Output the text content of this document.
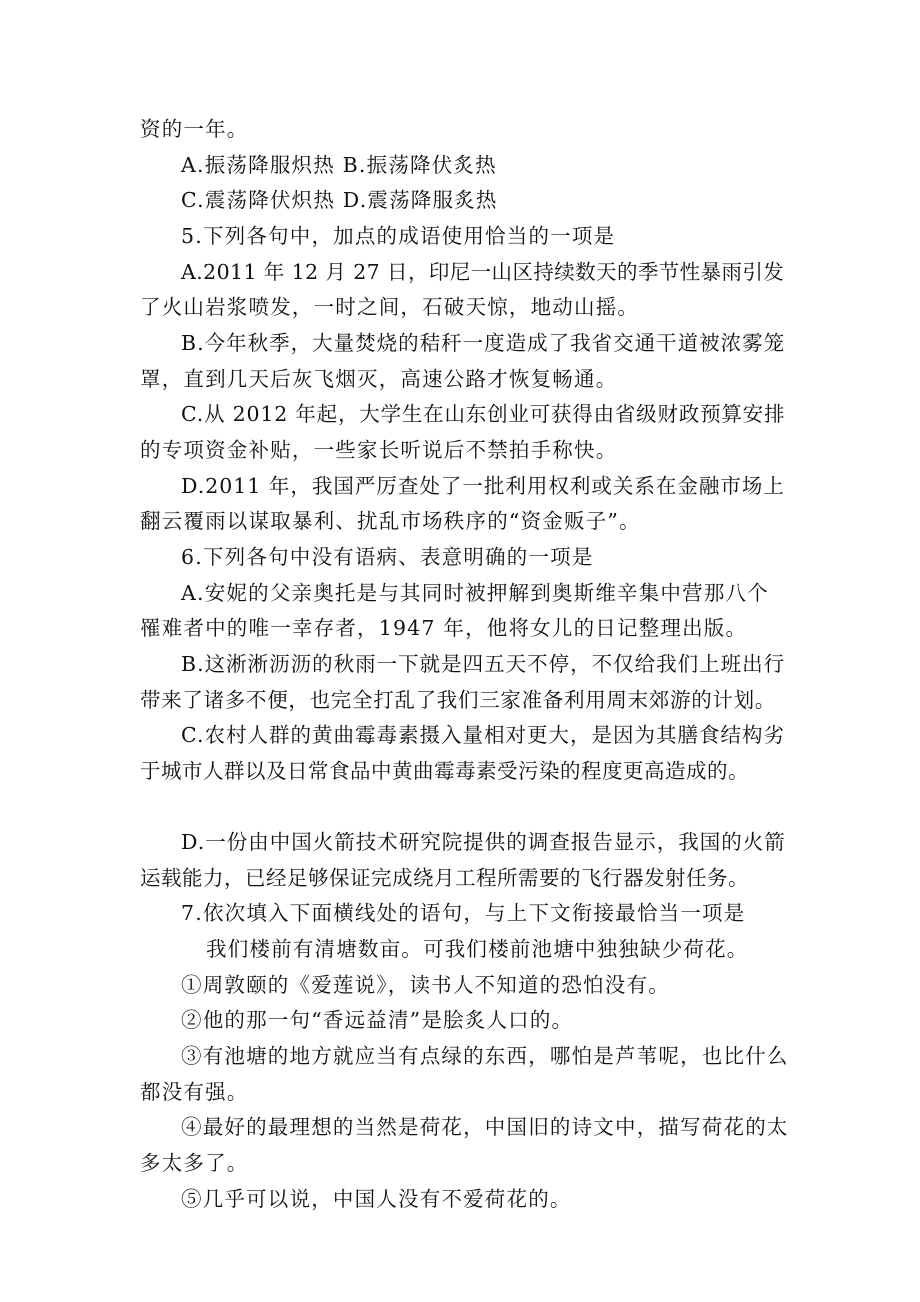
资的一年。
A.振荡降服炽热 B.振荡降伏炙热
C.震荡降伏炽热 D.震荡降服炙热
5.下列各句中，加点的成语使用恰当的一项是
A.2011 年 12 月 27 日，印尼一山区持续数天的季节性暴雨引发
了火山岩浆喷发，一时之间，石破天惊，地动山摇。
B.今年秋季，大量焚烧的秸秆一度造成了我省交通干道被浓雾笼
罩，直到几天后灰飞烟灭，高速公路才恢复畅通。
C.从 2012 年起，大学生在山东创业可获得由省级财政预算安排
的专项资金补贴，一些家长听说后不禁拍手称快。
D.2011 年，我国严厉查处了一批利用权利或关系在金融市场上
翻云覆雨以谋取暴利、扰乱市场秩序的“资金贩子”。
6.下列各句中没有语病、表意明确的一项是
A.安妮的父亲奥托是与其同时被押解到奥斯维辛集中营那八个
罹难者中的唯一幸存者，1947 年，他将女儿的日记整理出版。
B.这淅淅沥沥的秋雨一下就是四五天不停，不仅给我们上班出行
带来了诸多不便，也完全打乱了我们三家准备利用周末郊游的计划。
C.农村人群的黄曲霉毒素摄入量相对更大，是因为其膳食结构劣
于城市人群以及日常食品中黄曲霉毒素受污染的程度更高造成的。
D.一份由中国火箭技术研究院提供的调查报告显示，我国的火箭
运载能力，已经足够保证完成绕月工程所需要的飞行器发射任务。
7.依次填入下面横线处的语句，与上下文衔接最恰当一项是
我们楼前有清塘数亩。可我们楼前池塘中独独缺少荷花。
①周敦颐的《爱莲说》，读书人不知道的恐怕没有。
②他的那一句“香远益清”是脍炙人口的。
③有池塘的地方就应当有点绿的东西，哪怕是芦苇呢，也比什么
都没有强。
④最好的最理想的当然是荷花，中国旧的诗文中，描写荷花的太
多太多了。
⑤几乎可以说，中国人没有不爱荷花的。
